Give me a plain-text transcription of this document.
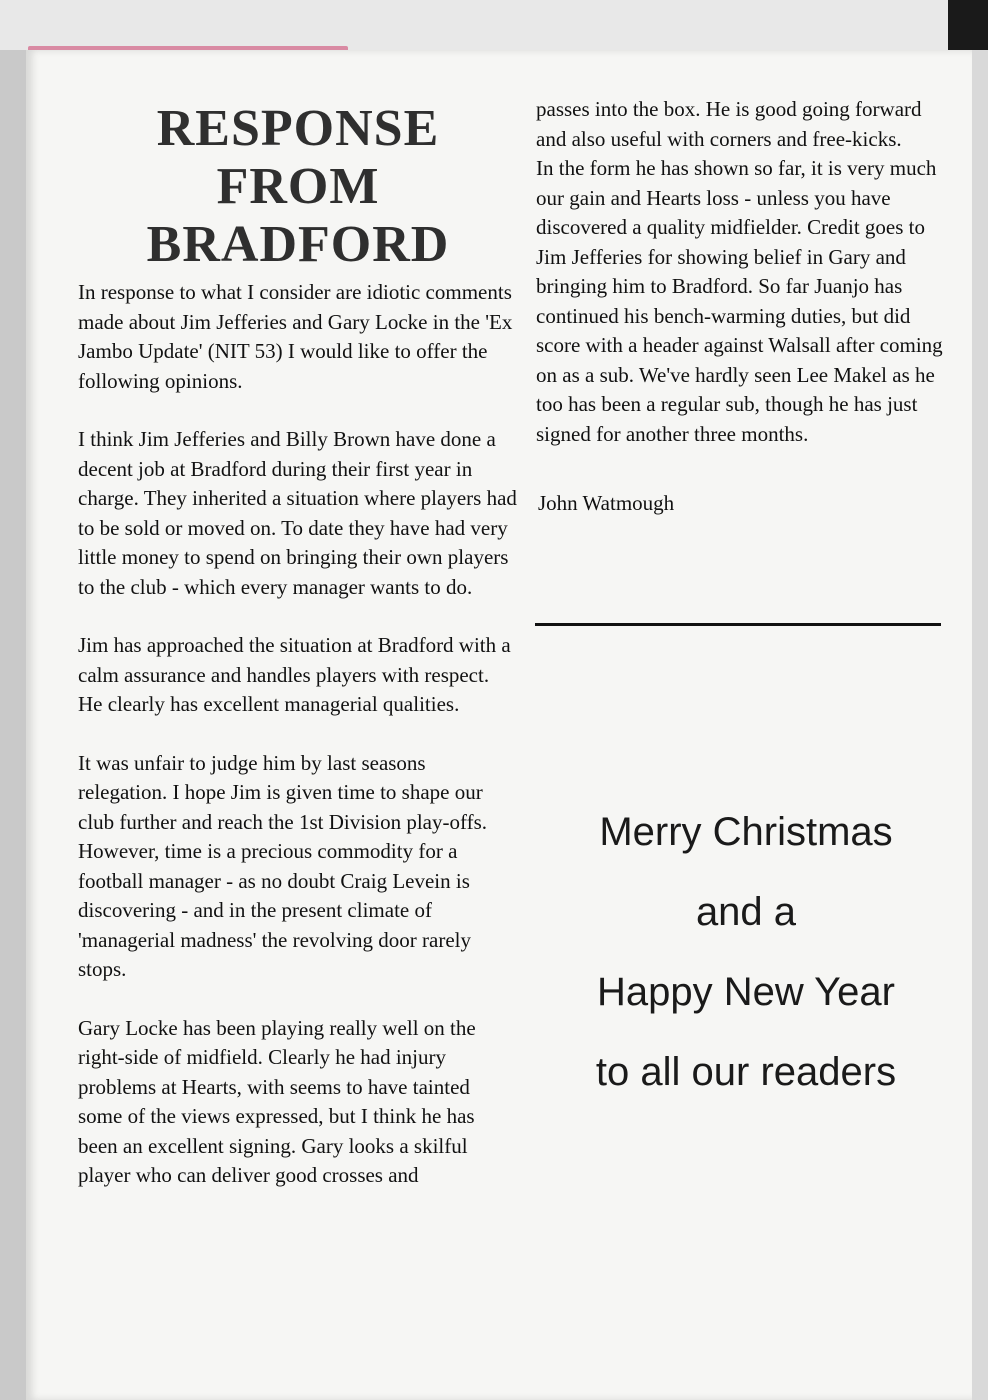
RESPONSE
FROM
BRADFORD

In response to what I consider are idiotic comments made about Jim Jefferies and Gary Locke in the 'Ex Jambo Update' (NIT 53) I would like to offer the following opinions.

I think Jim Jefferies and Billy Brown have done a decent job at Bradford during their first year in charge. They inherited a situation where players had to be sold or moved on. To date they have had very little money to spend on bringing their own players to the club - which every manager wants to do.

Jim has approached the situation at Bradford with a calm assurance and handles players with respect. He clearly has excellent managerial qualities.

It was unfair to judge him by last seasons relegation. I hope Jim is given time to shape our club further and reach the 1st Division play-offs. However, time is a precious commodity for a football manager - as no doubt Craig Levein is discovering - and in the present climate of 'managerial madness' the revolving door rarely stops.

Gary Locke has been playing really well on the right-side of midfield. Clearly he had injury problems at Hearts, with seems to have tainted some of the views expressed, but I think he has been an excellent signing. Gary looks a skilful player who can deliver good crosses and

passes into the box. He is good going forward and also useful with corners and free-kicks.

In the form he has shown so far, it is very much our gain and Hearts loss - unless you have discovered a quality midfielder. Credit goes to Jim Jefferies for showing belief in Gary and bringing him to Bradford. So far Juanjo has continued his bench-warming duties, but did score with a header against Walsall after coming on as a sub. We've hardly seen Lee Makel as he too has been a regular sub, though he has just signed for another three months.

John Watmough

Merry Christmas
and a
Happy New Year
to all our readers
